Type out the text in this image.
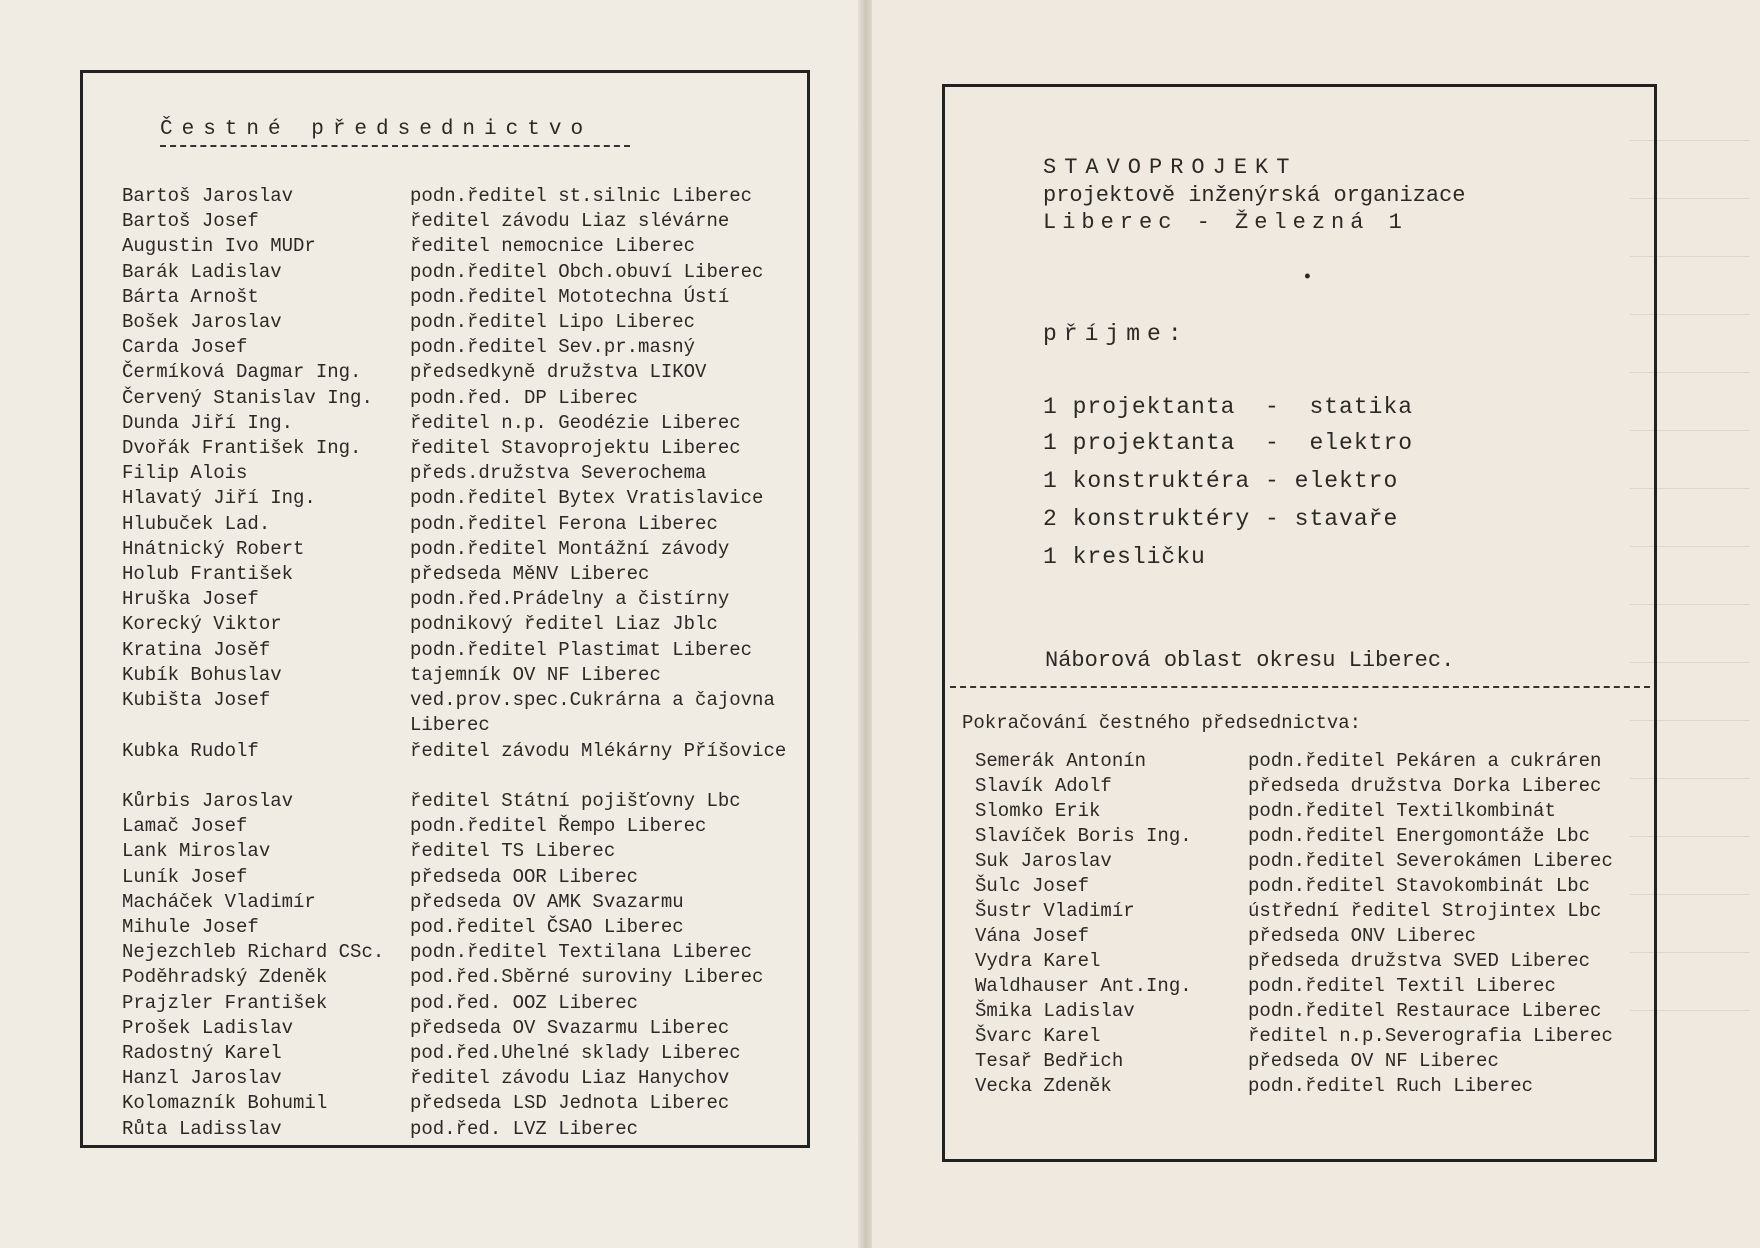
Čestné předsednictvo
Bartoš Jaroslav	podn.ředitel st.silnic Liberec
Bartoš Josef	ředitel závodu Liaz slévárne
Augustin Ivo MUDr	ředitel nemocnice Liberec
Barák Ladislav	podn.ředitel Obch.obuví Liberec
Bárta Arnošt	podn.ředitel Mototechna Ústí
Bošek Jaroslav	podn.ředitel Lipo Liberec
Carda Josef	podn.ředitel Sev.pr.masný
Čermíková Dagmar Ing.	předsedkyně družstva LIKOV
Červený Stanislav Ing. podn.řed. DP Liberec
Dunda Jiří Ing.	ředitel n.p. Geodézie Liberec
Dvořák František Ing.	ředitel Stavoprojektu Liberec
Filip Alois	předs.družstva Severochema
Hlavatý Jiří Ing.	podn.ředitel Bytex Vratislavice
Hlubuček Lad.	podn.ředitel Ferona Liberec
Hnátnický Robert	podn.ředitel Montážní závody
Holub František	předseda MěNV Liberec
Hruška Josef	podn.řed.Prádelny a čistírny
Korecký Viktor	podnikový ředitel Liaz Jblc
Kratina Josěf	podn.ředitel Plastimat Liberec
Kubík Bohuslav	tajemník OV NF Liberec
Kubišta Josef	ved.prov.spec.Cukrárna a čajovna Liberec
Kubka Rudolf	ředitel závodu Mlékárny Příšovice
Kůrbis Jaroslav	ředitel Státní pojišťovny Lbc
Lamač Josef	podn.ředitel Řempo Liberec
Lank Miroslav	ředitel TS Liberec
Luník Josef	předseda OOR Liberec
Macháček Vladimír	předseda OV AMK Svazarmu
Mihule Josef	pod.ředitel ČSAO Liberec
Nejezchleb Richard CSc. podn.ředitel Textilana Liberec
Poděhradský Zdeněk	pod.řed.Sběrné suroviny Liberec
Prajzler František	pod.řed. OOZ Liberec
Prošek Ladislav	předseda OV Svazarmu Liberec
Radostný Karel	pod.řed.Uhelné sklady Liberec
Hanzl Jaroslav	ředitel závodu Liaz Hanychov
Kolomazník Bohumil	předseda LSD Jednota Liberec
Růta Ladisslav	pod.řed. LVZ Liberec
STAVOPROJEKT
projektově inženýrská organizace
Liberec - Železná 1
•
příjme:
1 projektanta  -  statika
1 projektanta  -  elektro
1 konstruktéra - elektro
2 konstruktéry - stavaře
1 kresličku
Náborová oblast okresu Liberec.
Pokračování čestného předsednictva:
Semerák Antonín	podn.ředitel Pekáren a cukráren
Slavík Adolf	předseda družstva Dorka Liberec
Slomko Erik	podn.ředitel Textilkombinát
Slavíček Boris Ing.	podn.ředitel Energomontáže Lbc
Suk Jaroslav	podn.ředitel Severokámen Liberec
Šulc Josef	podn.ředitel Stavokombinát Lbc
Šustr Vladimír	ústřední ředitel Strojintex Lbc
Vána Josef	předseda ONV Liberec
Vydra Karel	předseda družstva SVED Liberec
Waldhauser Ant.Ing.	podn.ředitel Textil Liberec
Šmika Ladislav	podn.ředitel Restaurace Liberec
Švarc Karel	ředitel n.p.Severografia Liberec
Tesař Bedřich	předseda OV NF Liberec
Vecka Zdeněk	podn.ředitel Ruch Liberec
